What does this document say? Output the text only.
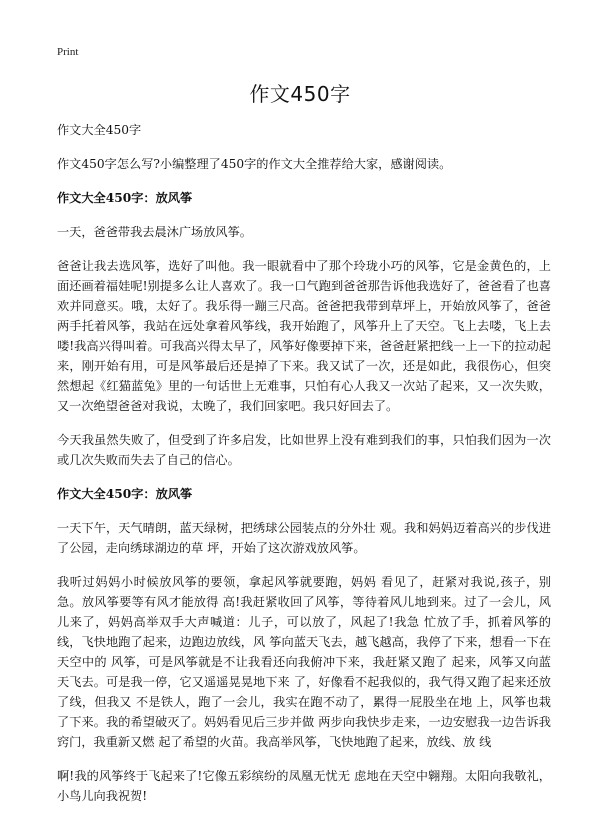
Print
作文450字

作文大全450字

作文450字怎么写?小编整理了450字的作文大全推荐给大家，感谢阅读。

作文大全450字：放风筝

一天，爸爸带我去晨沐广场放风筝。

爸爸让我去选风筝，选好了叫他。我一眼就看中了那个玲珑小巧的风筝，它是金黄色的，上面还画着福娃呢!别提多么让人喜欢了。我一口气跑到爸爸那告诉他我选好了，爸爸看了也喜欢并同意买。哦，太好了。我乐得一蹦三尺高。爸爸把我带到草坪上，开始放风筝了，爸爸两手托着风筝，我站在远处拿着风筝线，我开始跑了，风筝升上了天空。飞上去喽，飞上去喽!我高兴得叫着。可我高兴得太早了，风筝好像要掉下来，爸爸赶紧把线一上一下的拉动起来，刚开始有用，可是风筝最后还是掉了下来。我又试了一次，还是如此，我很伤心，但突然想起《红猫蓝兔》里的一句话世上无难事，只怕有心人我又一次站了起来，又一次失败，又一次绝望爸爸对我说，太晚了，我们回家吧。我只好回去了。

今天我虽然失败了，但受到了许多启发，比如世界上没有难到我们的事，只怕我们因为一次或几次失败而失去了自己的信心。

作文大全450字：放风筝

一天下午，天气晴朗，蓝天绿树，把绣球公园装点的分外壮 观。我和妈妈迈着高兴的步伐进了公园，走向绣球湖边的草 坪，开始了这次游戏放风筝。

我听过妈妈小时候放风筝的要领，拿起风筝就要跑，妈妈 看见了，赶紧对我说,孩子，别急。放风筝要等有风才能放得 高!我赶紧收回了风筝，等待着风儿地到来。过了一会儿，风儿来了，妈妈高举双手大声喊道：儿子，可以放了，风起了!我急 忙放了手，抓着风筝的线，飞快地跑了起来，边跑边放线，风 筝向蓝天飞去，越飞越高，我停了下来，想看一下在天空中的 风筝，可是风筝就是不让我看还向我俯冲下来，我赶紧又跑了 起来，风筝又向蓝天飞去。可是我一停，它又遥遥晃晃地下来 了，好像看不起我似的，我气得又跑了起来还放了线，但我又 不是铁人，跑了一会儿，我实在跑不动了，累得一屁股坐在地 上，风筝也栽了下来。我的希望破灭了。妈妈看见后三步并做 两步向我快步走来，一边安慰我一边告诉我窍门，我重新又燃 起了希望的火苗。我高举风筝，飞快地跑了起来，放线、放 线

啊!我的风筝终于飞起来了!它像五彩缤纷的凤凰无忧无 虑地在天空中翱翔。太阳向我敬礼，小鸟儿向我祝贺!
